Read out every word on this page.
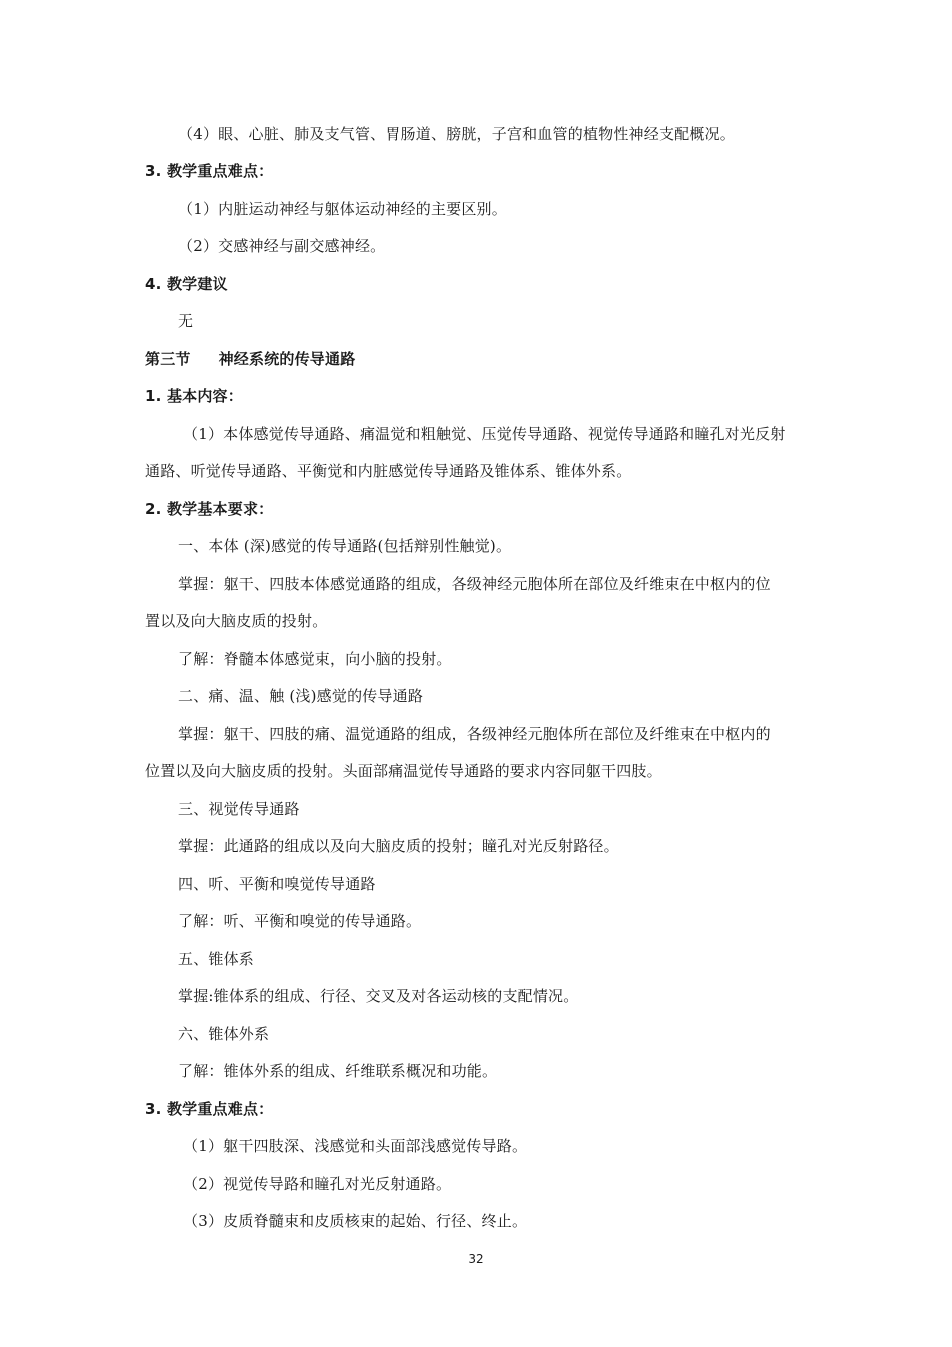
（4）眼、心脏、肺及支气管、胃肠道、膀胱，子宫和血管的植物性神经支配概况。
3. 教学重点难点：
（1）内脏运动神经与躯体运动神经的主要区别。
（2）交感神经与副交感神经。
4. 教学建议
无
第三节 神经系统的传导通路
1. 基本内容：
（1）本体感觉传导通路、痛温觉和粗触觉、压觉传导通路、视觉传导通路和瞳孔对光反射
通路、听觉传导通路、平衡觉和内脏感觉传导通路及锥体系、锥体外系。
2. 教学基本要求：
一、本体 (深)感觉的传导通路(包括辩别性触觉)。
掌握：躯干、四肢本体感觉通路的组成，各级神经元胞体所在部位及纤维束在中枢内的位
置以及向大脑皮质的投射。
了解：脊髓本体感觉束，向小脑的投射。
二、痛、温、触 (浅)感觉的传导通路
掌握：躯干、四肢的痛、温觉通路的组成，各级神经元胞体所在部位及纤维束在中枢内的
位置以及向大脑皮质的投射。头面部痛温觉传导通路的要求内容同躯干四肢。
三、视觉传导通路
掌握：此通路的组成以及向大脑皮质的投射；瞳孔对光反射路径。
四、听、平衡和嗅觉传导通路
了解：听、平衡和嗅觉的传导通路。
五、锥体系
掌握:锥体系的组成、行径、交叉及对各运动核的支配情况。
六、锥体外系
了解：锥体外系的组成、纤维联系概况和功能。
3. 教学重点难点：
（1）躯干四肢深、浅感觉和头面部浅感觉传导路。
（2）视觉传导路和瞳孔对光反射通路。
（3）皮质脊髓束和皮质核束的起始、行径、终止。
32
